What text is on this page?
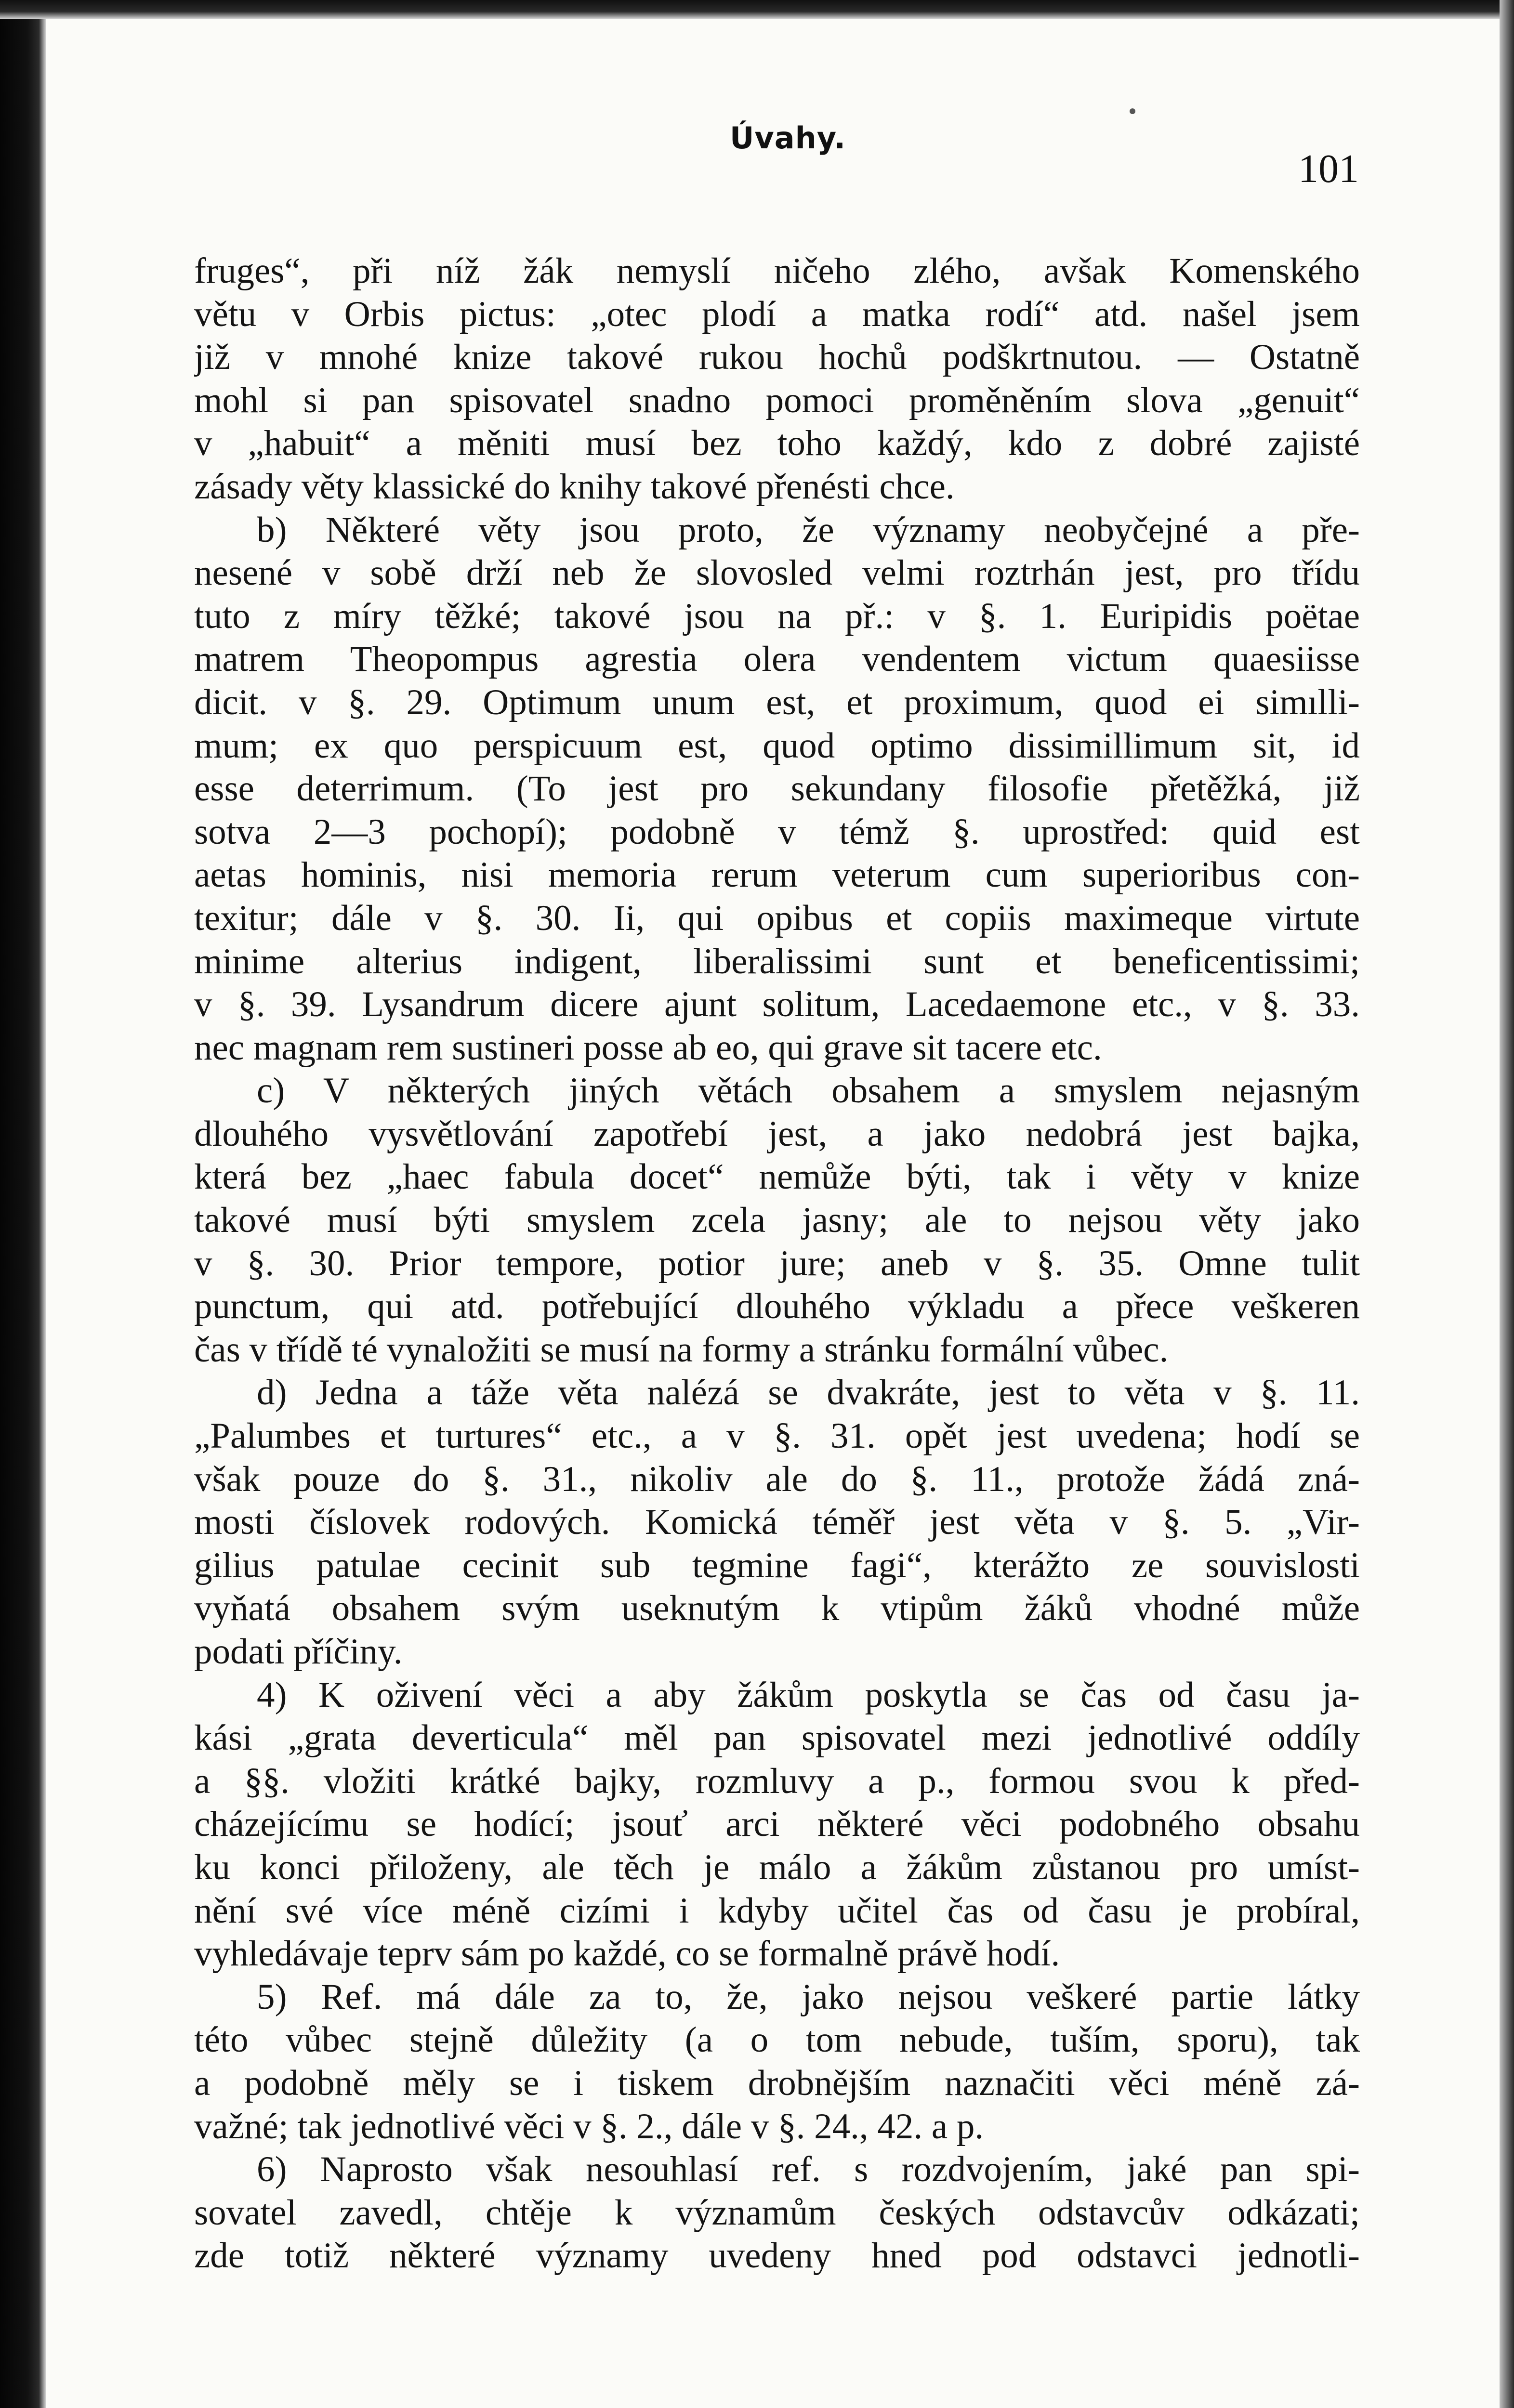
Úvahy.
101
fruges“, při níž žák nemyslí ničeho zlého, avšak Komenského
větu v Orbis pictus: „otec plodí a matka rodí“ atd. našel jsem
již v mnohé knize takové rukou hochů podškrtnutou. — Ostatně
mohl si pan spisovatel snadno pomoci proměněním slova „genuit“
v „habuit“ a měniti musí bez toho každý, kdo z dobré zajisté
zásady věty klassické do knihy takové přenésti chce.
b) Některé věty jsou proto, že významy neobyčejné a pře-
nesené v sobě drží neb že slovosled velmi roztrhán jest, pro třídu
tuto z míry těžké; takové jsou na př.: v §. 1. Euripidis poëtae
matrem Theopompus agrestia olera vendentem victum quaesiisse
dicit. v §. 29. Optimum unum est, et proximum, quod ei simılli-
mum; ex quo perspicuum est, quod optimo dissimillimum sit, id
esse deterrimum. (To jest pro sekundany filosofie přetěžká, již
sotva 2—3 pochopí); podobně v témž §. uprostřed: quid est
aetas hominis, nisi memoria rerum veterum cum superioribus con-
texitur; dále v §. 30. Ii, qui opibus et copiis maximeque virtute
minime alterius indigent, liberalissimi sunt et beneficentissimi;
v §. 39. Lysandrum dicere ajunt solitum, Lacedaemone etc., v §. 33.
nec magnam rem sustineri posse ab eo, qui grave sit tacere etc.
c) V některých jiných větách obsahem a smyslem nejasným
dlouhého vysvětlování zapotřebí jest, a jako nedobrá jest bajka,
která bez „haec fabula docet“ nemůže býti, tak i věty v knize
takové musí býti smyslem zcela jasny; ale to nejsou věty jako
v §. 30. Prior tempore, potior jure; aneb v §. 35. Omne tulit
punctum, qui atd. potřebující dlouhého výkladu a přece veškeren
čas v třídě té vynaložiti se musí na formy a stránku formální vůbec.
d) Jedna a táže věta nalézá se dvakráte, jest to věta v §. 11.
„Palumbes et turtures“ etc., a v §. 31. opět jest uvedena; hodí se
však pouze do §. 31., nikoliv ale do §. 11., protože žádá zná-
mosti číslovek rodových. Komická téměř jest věta v §. 5. „Vir-
gilius patulae cecinit sub tegmine fagi“, kterážto ze souvislosti
vyňatá obsahem svým useknutým k vtipům žáků vhodné může
podati příčiny.
4) K oživení věci a aby žákům poskytla se čas od času ja-
kási „grata deverticula“ měl pan spisovatel mezi jednotlivé oddíly
a §§. vložiti krátké bajky, rozmluvy a p., formou svou k před-
cházejícímu se hodící; jsouť arci některé věci podobného obsahu
ku konci přiloženy, ale těch je málo a žákům zůstanou pro umíst-
nění své více méně cizími i kdyby učitel čas od času je probíral,
vyhledávaje teprv sám po každé, co se formalně právě hodí.
5) Ref. má dále za to, že, jako nejsou veškeré partie látky
této vůbec stejně důležity (a o tom nebude, tuším, sporu), tak
a podobně měly se i tiskem drobnějším naznačiti věci méně zá-
važné; tak jednotlivé věci v §. 2., dále v §. 24., 42. a p.
6) Naprosto však nesouhlasí ref. s rozdvojením, jaké pan spi-
sovatel zavedl, chtěje k významům českých odstavcův odkázati;
zde totiž některé významy uvedeny hned pod odstavci jednotli-
